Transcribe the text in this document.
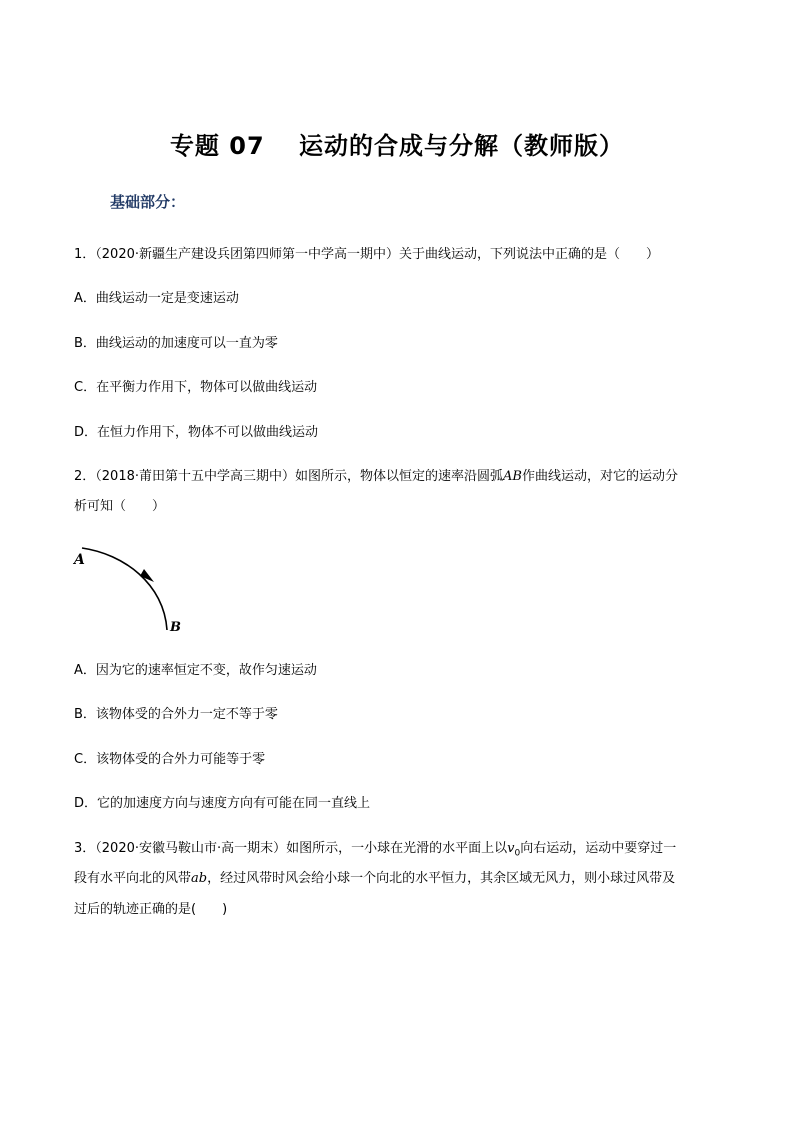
专题 07　 运动的合成与分解（教师版）
基础部分：
1．（2020·新疆生产建设兵团第四师第一中学高一期中）关于曲线运动，下列说法中正确的是（　　）
A．曲线运动一定是变速运动
B．曲线运动的加速度可以一直为零
C．在平衡力作用下，物体可以做曲线运动
D．在恒力作用下，物体不可以做曲线运动
2．（2018·莆田第十五中学高三期中）如图所示，物体以恒定的速率沿圆弧AB作曲线运动，对它的运动分
析可知（　　）
A
B
A．因为它的速率恒定不变，故作匀速运动
B．该物体受的合外力一定不等于零
C．该物体受的合外力可能等于零
D．它的加速度方向与速度方向有可能在同一直线上
3．（2020·安徽马鞍山市·高一期末）如图所示，一小球在光滑的水平面上以$v_0$向右运动，运动中要穿过一
段有水平向北的风带ab，经过风带时风会给小球一个向北的水平恒力，其余区域无风力，则小球过风带及
过后的轨迹正确的是(　　)
